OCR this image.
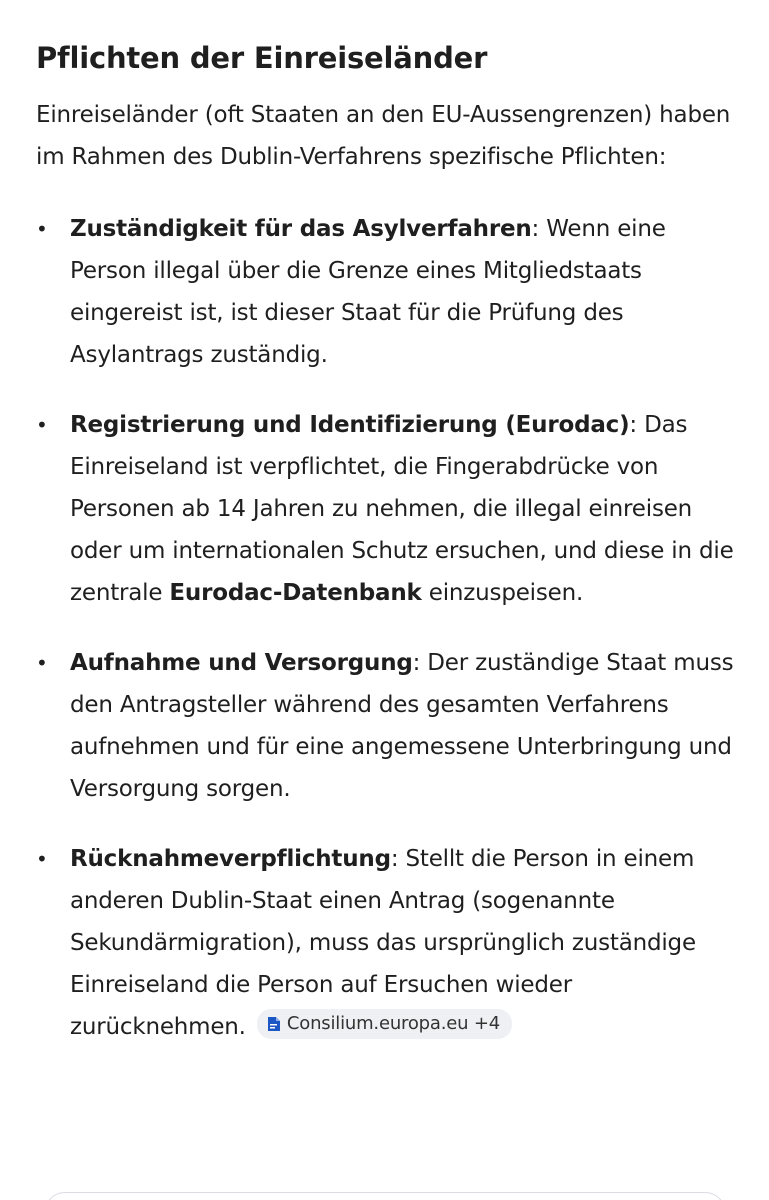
Pflichten der Einreiseländer

Einreiseländer (oft Staaten an den EU-Aussengrenzen) haben im Rahmen des Dublin-Verfahrens spezifische Pflichten:

• Zuständigkeit für das Asylverfahren: Wenn eine Person illegal über die Grenze eines Mitgliedstaats eingereist ist, ist dieser Staat für die Prüfung des Asylantrags zuständig.
• Registrierung und Identifizierung (Eurodac): Das Einreiseland ist verpflichtet, die Fingerabdrücke von Personen ab 14 Jahren zu nehmen, die illegal einreisen oder um internationalen Schutz ersuchen, und diese in die zentrale Eurodac-Datenbank einzuspeisen.
• Aufnahme und Versorgung: Der zuständige Staat muss den Antragsteller während des gesamten Verfahrens aufnehmen und für eine angemessene Unterbringung und Versorgung sorgen.
• Rücknahmeverpflichtung: Stellt die Person in einem anderen Dublin-Staat einen Antrag (sogenannte Sekundärmigration), muss das ursprünglich zuständige Einreiseland die Person auf Ersuchen wieder zurücknehmen. Consilium.europa.eu +4
